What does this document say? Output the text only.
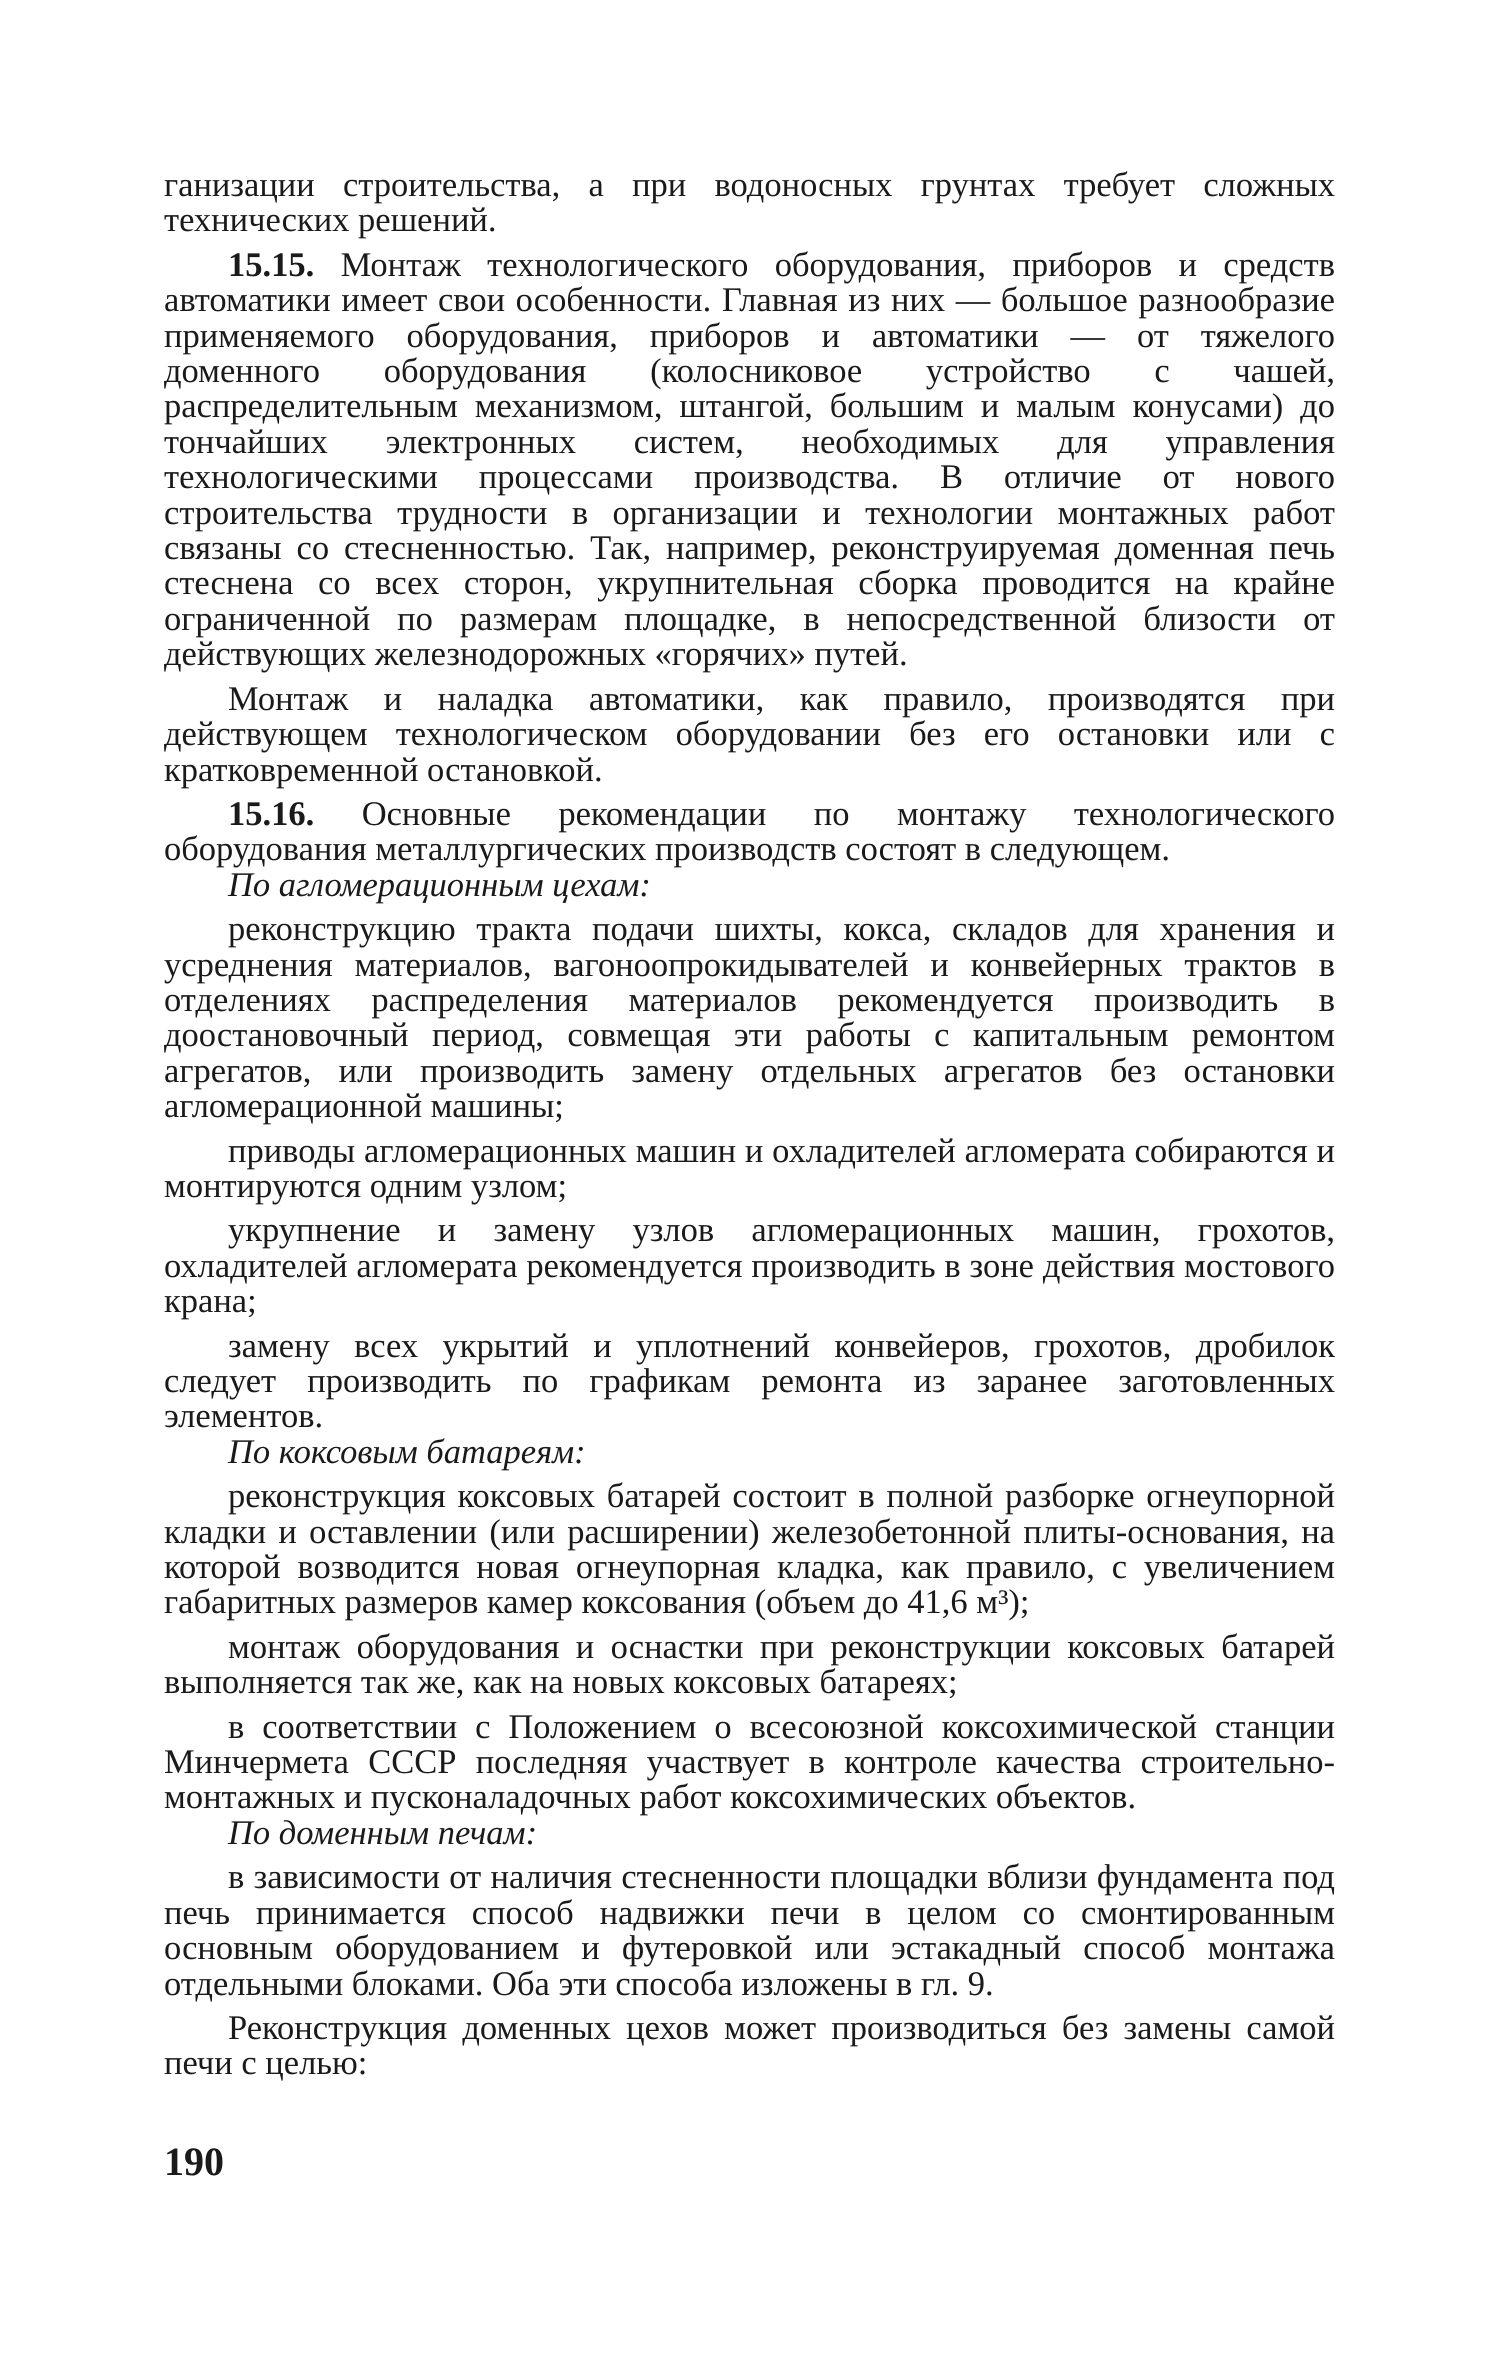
ганизации строительства, а при водоносных грунтах требует сложных технических решений.

15.15. Монтаж технологического оборудования, приборов и средств автоматики имеет свои особенности. Главная из них — большое разнообразие применяемого оборудования, приборов и автоматики — от тяжелого доменного оборудования (колосниковое устройство с чашей, распределительным механизмом, штангой, большим и малым конусами) до тончайших электронных систем, необходимых для управления технологическими процессами производства. В отличие от нового строительства трудности в организации и технологии монтажных работ связаны со стесненностью. Так, например, реконструируемая доменная печь стеснена со всех сторон, укрупнительная сборка проводится на крайне ограниченной по размерам площадке, в непосредственной близости от действующих железнодорожных «горячих» путей.

Монтаж и наладка автоматики, как правило, производятся при действующем технологическом оборудовании без его остановки или с кратковременной остановкой.

15.16. Основные рекомендации по монтажу технологического оборудования металлургических производств состоят в следующем.

По агломерационным цехам:

реконструкцию тракта подачи шихты, кокса, складов для хранения и усреднения материалов, вагоноопрокидывателей и конвейерных трактов в отделениях распределения материалов рекомендуется производить в доостановочный период, совмещая эти работы с капитальным ремонтом агрегатов, или производить замену отдельных агрегатов без остановки агломерационной машины;

приводы агломерационных машин и охладителей агломерата собираются и монтируются одним узлом;

укрупнение и замену узлов агломерационных машин, грохотов, охладителей агломерата рекомендуется производить в зоне действия мостового крана;

замену всех укрытий и уплотнений конвейеров, грохотов, дробилок следует производить по графикам ремонта из заранее заготовленных элементов.

По коксовым батареям:

реконструкция коксовых батарей состоит в полной разборке огнеупорной кладки и оставлении (или расширении) железобетонной плиты-основания, на которой возводится новая огнеупорная кладка, как правило, с увеличением габаритных размеров камер коксования (объем до 41,6 м³);

монтаж оборудования и оснастки при реконструкции коксовых батарей выполняется так же, как на новых коксовых батареях;

в соответствии с Положением о всесоюзной коксохимической станции Минчермета СССР последняя участвует в контроле качества строительно-монтажных и пусконаладочных работ коксохимических объектов.

По доменным печам:

в зависимости от наличия стесненности площадки вблизи фундамента под печь принимается способ надвижки печи в целом со смонтированным основным оборудованием и футеровкой или эстакадный способ монтажа отдельными блоками. Оба эти способа изложены в гл. 9.

Реконструкция доменных цехов может производиться без замены самой печи с целью:

190
